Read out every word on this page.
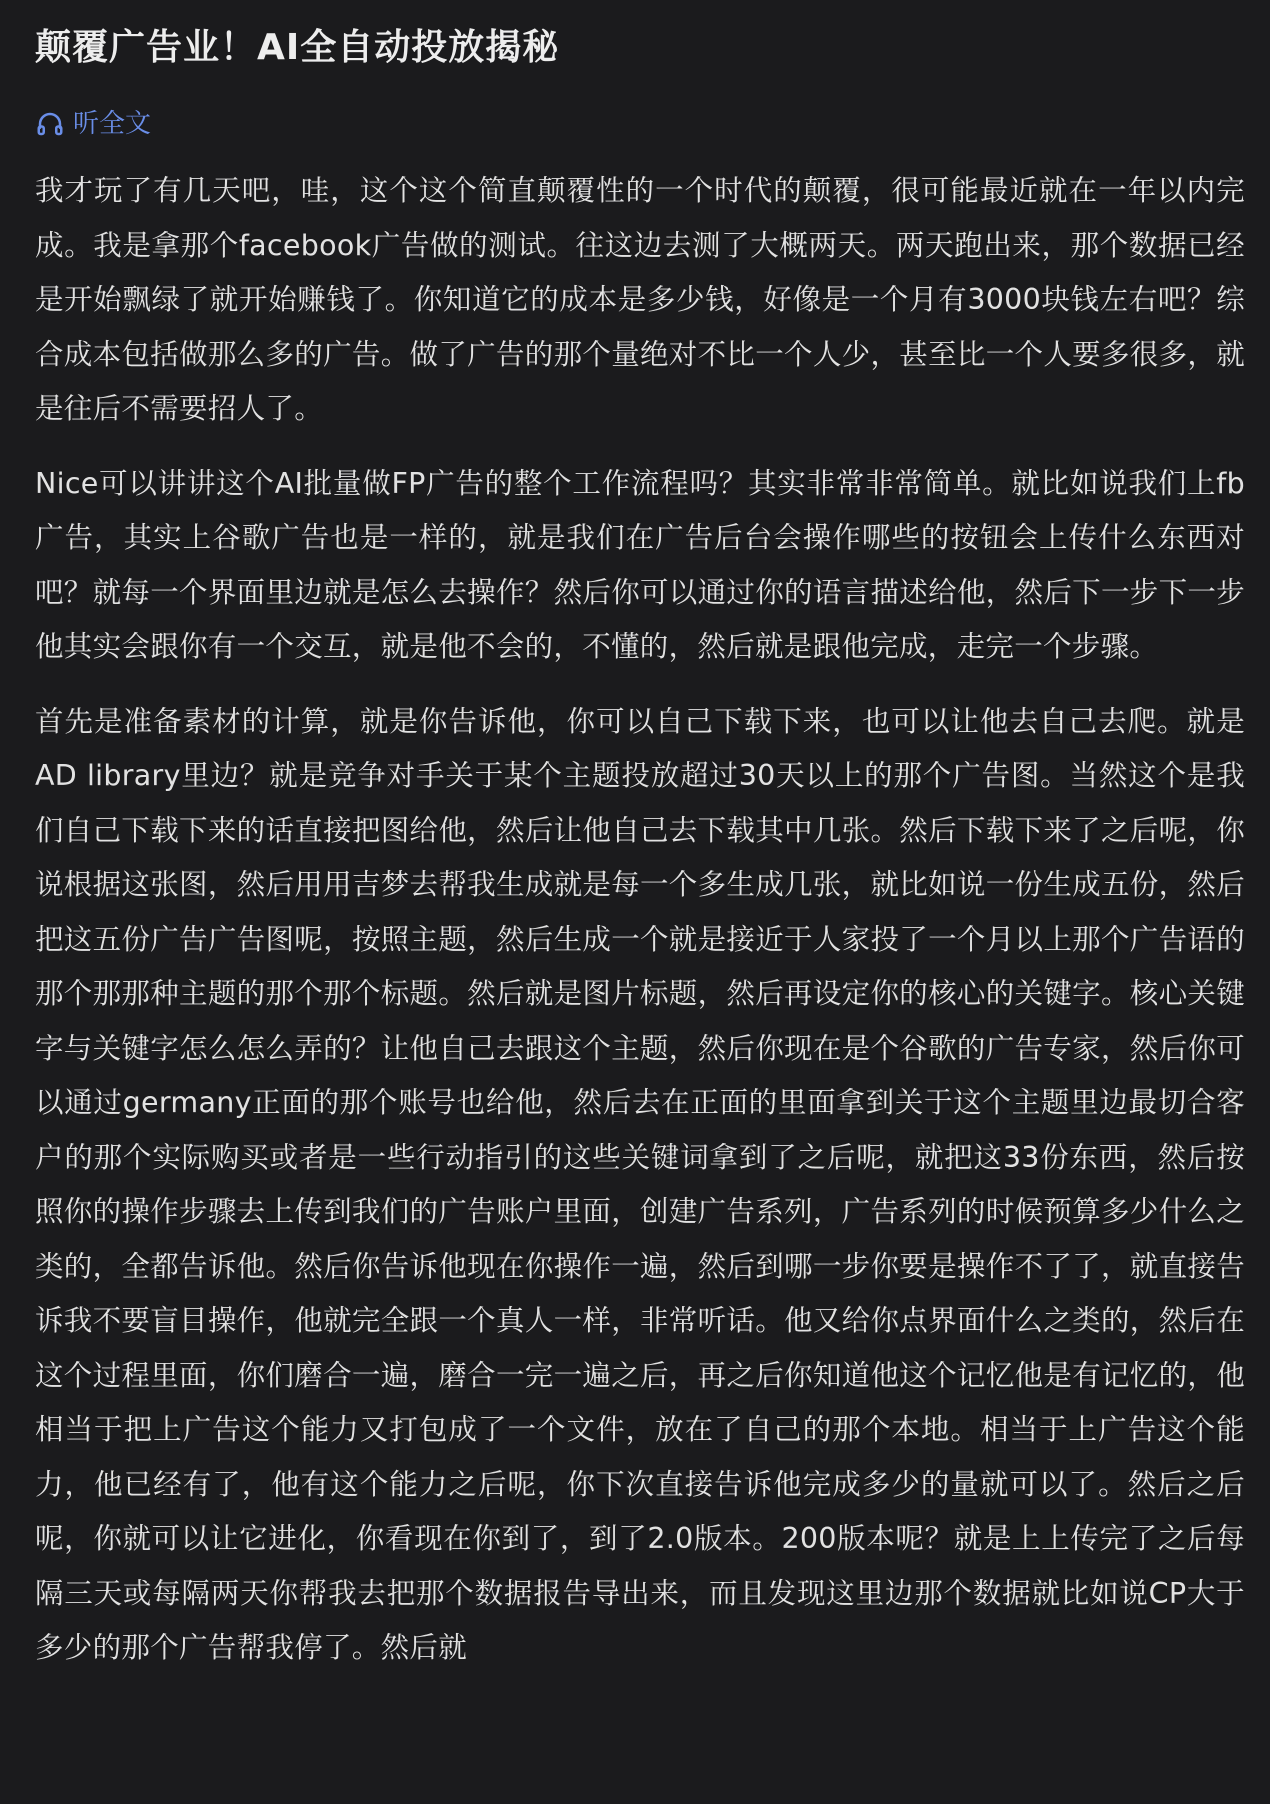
颠覆广告业！AI全自动投放揭秘
听全文

我才玩了有几天吧，哇，这个这个简直颠覆性的一个时代的颠覆，很可能最近就在一年以内完成。我是拿那个facebook广告做的测试。往这边去测了大概两天。两天跑出来，那个数据已经是开始飘绿了就开始赚钱了。你知道它的成本是多少钱，好像是一个月有3000块钱左右吧？综合成本包括做那么多的广告。做了广告的那个量绝对不比一个人少，甚至比一个人要多很多，就是往后不需要招人了。

Nice可以讲讲这个AI批量做FP广告的整个工作流程吗？其实非常非常简单。就比如说我们上fb广告，其实上谷歌广告也是一样的，就是我们在广告后台会操作哪些的按钮会上传什么东西对吧？就每一个界面里边就是怎么去操作？然后你可以通过你的语言描述给他，然后下一步下一步他其实会跟你有一个交互，就是他不会的，不懂的，然后就是跟他完成，走完一个步骤。

首先是准备素材的计算，就是你告诉他，你可以自己下载下来，也可以让他去自己去爬。就是AD library里边？就是竞争对手关于某个主题投放超过30天以上的那个广告图。当然这个是我们自己下载下来的话直接把图给他，然后让他自己去下载其中几张。然后下载下来了之后呢，你说根据这张图，然后用用吉梦去帮我生成就是每一个多生成几张，就比如说一份生成五份，然后把这五份广告广告图呢，按照主题，然后生成一个就是接近于人家投了一个月以上那个广告语的那个那那种主题的那个那个标题。然后就是图片标题，然后再设定你的核心的关键字。核心关键字与关键字怎么怎么弄的？让他自己去跟这个主题，然后你现在是个谷歌的广告专家，然后你可以通过germany正面的那个账号也给他，然后去在正面的里面拿到关于这个主题里边最切合客户的那个实际购买或者是一些行动指引的这些关键词拿到了之后呢，就把这33份东西，然后按照你的操作步骤去上传到我们的广告账户里面，创建广告系列，广告系列的时候预算多少什么之类的，全都告诉他。然后你告诉他现在你操作一遍，然后到哪一步你要是操作不了了，就直接告诉我不要盲目操作，他就完全跟一个真人一样，非常听话。他又给你点界面什么之类的，然后在这个过程里面，你们磨合一遍，磨合一完一遍之后，再之后你知道他这个记忆他是有记忆的，他相当于把上广告这个能力又打包成了一个文件，放在了自己的那个本地。相当于上广告这个能力，他已经有了，他有这个能力之后呢，你下次直接告诉他完成多少的量就可以了。然后之后呢，你就可以让它进化，你看现在你到了，到了2.0版本。200版本呢？就是上上传完了之后每隔三天或每隔两天你帮我去把那个数据报告导出来，而且发现这里边那个数据就比如说CP大于多少的那个广告帮我停了。然后就
